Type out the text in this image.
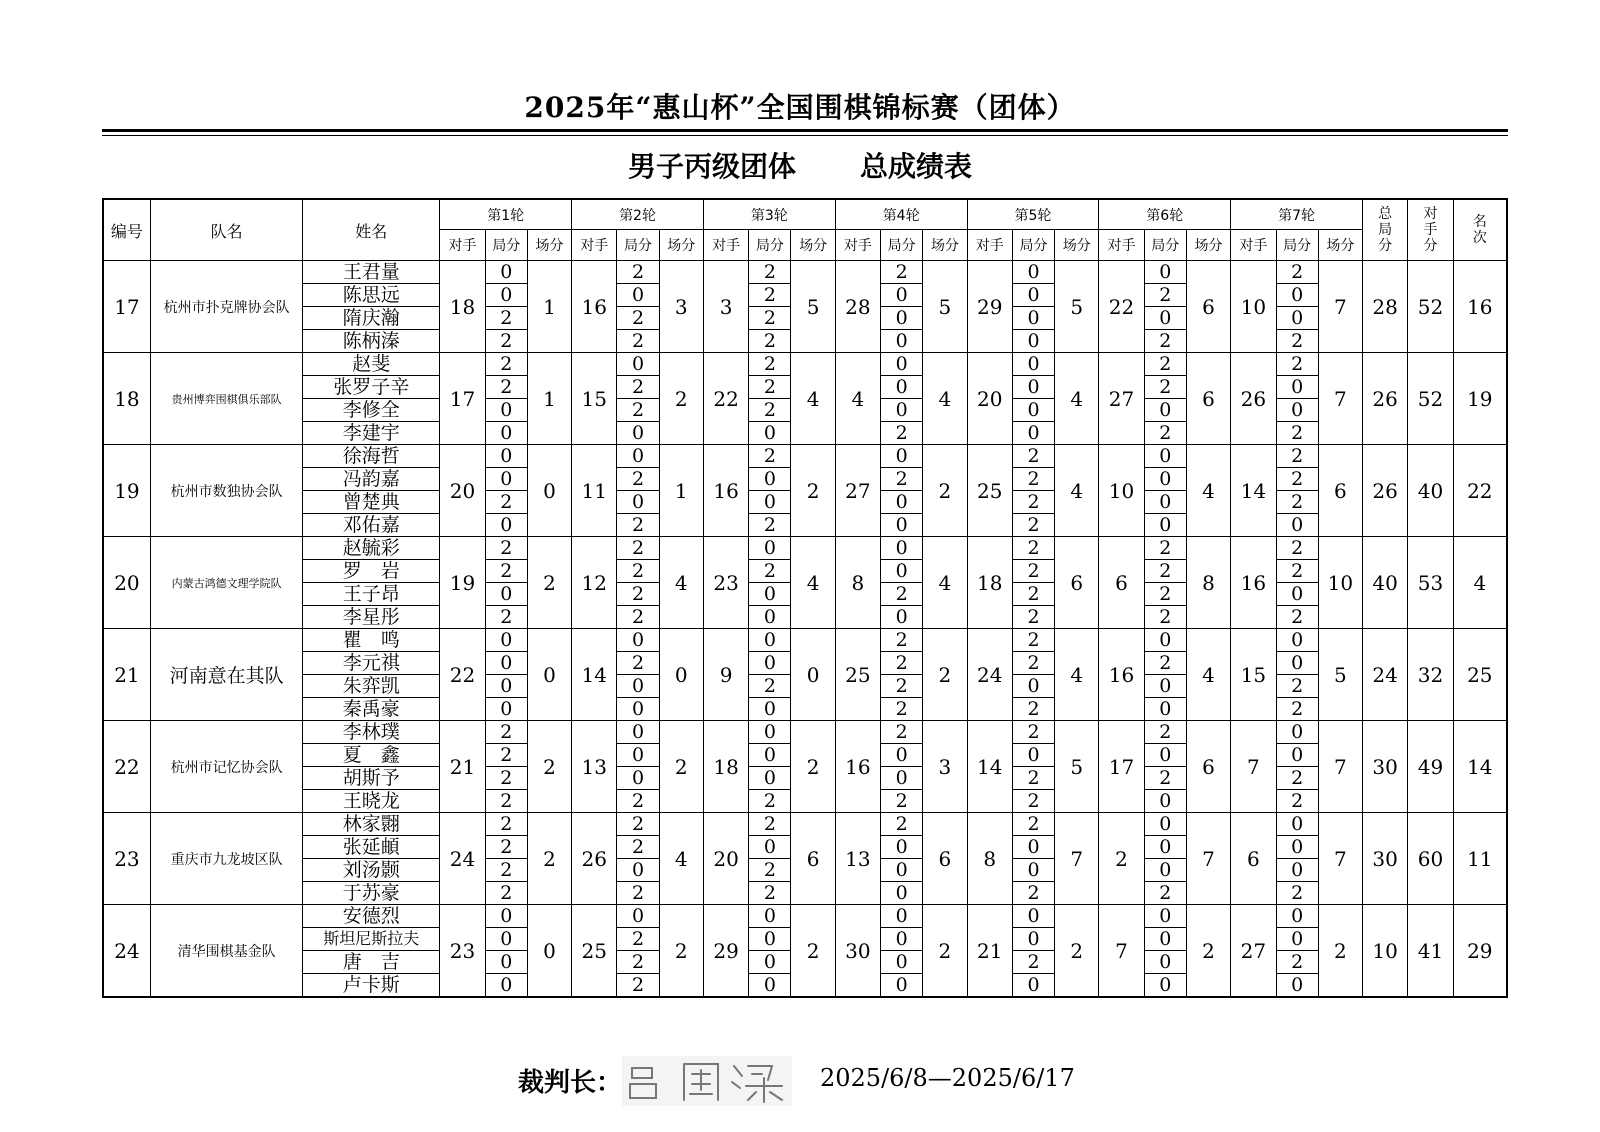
2025年“惠山杯”全国围棋锦标赛（团体）
男子丙级团体 总成绩表
编号	队名	姓名	第1轮			第2轮			第3轮			第4轮			第5轮			第6轮			第7轮			总局分	对手分	名次
			对手	局分	场分	对手	局分	场分	对手	局分	场分	对手	局分	场分	对手	局分	场分	对手	局分	场分	对手	局分	场分			
17	杭州市扑克牌协会队	王君量	18	0	1	16	2	3	3	2	5	28	2	5	29	0	5	22	0	6	10	2	7	28	52	16
		陈思远		0			0			2			0			0			2			0				
		隋庆瀚		2			2			2			0			0			0			0				
		陈柄溱		2			2			2			0			0			2			2				
18	贵州博弈围棋俱乐部队	赵斐	17	2	1	15	0	2	22	2	4	4	0	4	20	0	4	27	2	6	26	2	7	26	52	19
		张罗子辛		2			2			2			0			0			2			0				
		李修全		0			2			2			0			0			0			0				
		李建宇		0			0			0			2			0			2			2				
19	杭州市数独协会队	徐海哲	20	0	0	11	0	1	16	2	2	27	0	2	25	2	4	10	0	4	14	2	6	26	40	22
		冯韵嘉		0			2			0			2			2			0			2				
		曾楚典		2			0			0			0			2			0			2				
		邓佑嘉		0			2			2			0			2			0			0				
20	内蒙古鸿德文理学院队	赵毓彩	19	2	2	12	2	4	23	0	4	8	0	4	18	2	6	6	2	8	16	2	10	40	53	4
		罗　岩		2			2			2			0			2			2			2				
		王子昂		0			2			0			2			2			2			0				
		李星彤		2			2			0			0			2			2			2				
21	河南意在其队	瞿　鸣	22	0	0	14	0	0	9	0	0	25	2	2	24	2	4	16	0	4	15	0	5	24	32	25
		李元祺		0			2			0			2			2			2			0				
		朱弈凯		0			0			2			2			0			0			2				
		秦禹豪		0			0			0			2			2			0			2				
22	杭州市记忆协会队	李林璞	21	2	2	13	0	2	18	0	2	16	2	3	14	2	5	17	2	6	7	0	7	30	49	14
		夏　鑫		2			0			0			0			0			0			0				
		胡斯予		2			0			0			0			2			2			2				
		王晓龙		2			2			2			2			2			0			2				
23	重庆市九龙坡区队	林家翾	24	2	2	26	2	4	20	2	6	13	2	6	8	2	7	2	0	7	6	0	7	30	60	11
		张延頔		2			2			0			0			0			0			0				
		刘汤颢		2			0			2			0			0			0			0				
		于苏豪		2			2			2			0			2			2			2				
24	清华围棋基金队	安德烈	23	0	0	25	0	2	29	0	2	30	0	2	21	0	2	7	0	2	27	0	2	10	41	29
		斯坦尼斯拉夫		0			2			0			0			0			0			0				
		唐　吉		0			2			0			0			2			0			2				
		卢卡斯		0			2			0			0			0			0			0				
裁判长：	2025/6/8—2025/6/17
